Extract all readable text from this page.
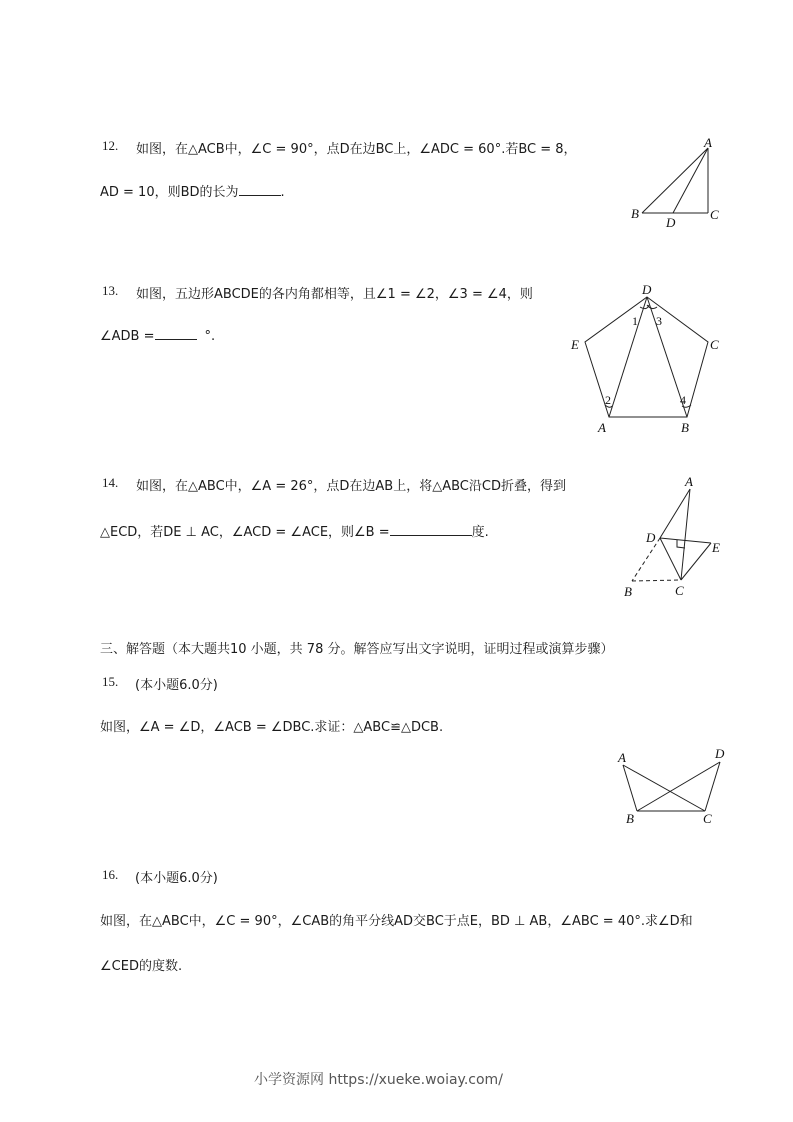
12. 如图，在△ACB中，∠C = 90°，点D在边BC上，∠ADC = 60°.若BC = 8，
AD = 10，则BD的长为	.
A
B
D
C
13. 如图，五边形ABCDE的各内角都相等，且∠1 = ∠2，∠3 = ∠4，则
∠ADB =	°.
D
E	C
A	B
1
2
3
4
14. 如图，在△ABC中，∠A = 26°，点D在边AB上，将△ABC沿CD折叠，得到
△ECD，若DE ⊥ AC，∠ACD = ∠ACE，则∠B =	度.
A
D
E
B	C
三、解答题（本大题共10 小题，共 78 分。解答应写出文字说明，证明过程或演算步骤）
15. (本小题6.0分)
如图，∠A = ∠D，∠ACB = ∠DBC.求证：△ABC≌△DCB.
A	D
B	C
16. (本小题6.0分)
如图，在△ABC中，∠C = 90°，∠CAB的角平分线AD交BC于点E，BD ⊥ AB，∠ABC = 40°.求∠D和
∠CED的度数.
小学资源网 https://xueke.woiay.com/
